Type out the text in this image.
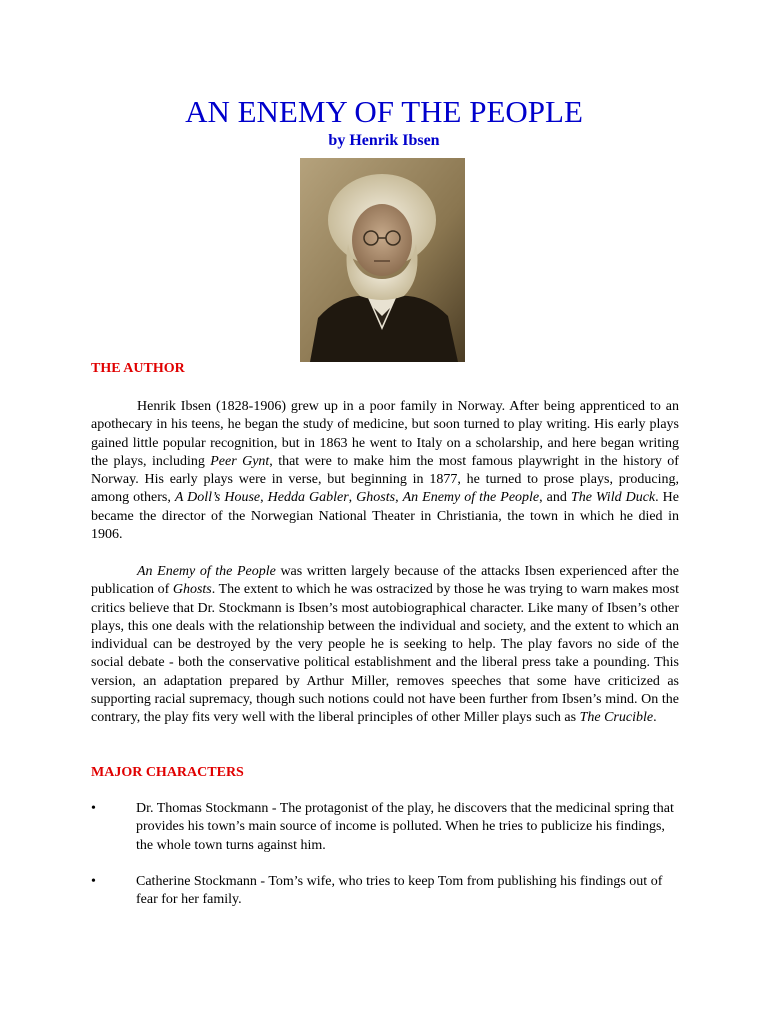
AN ENEMY OF THE PEOPLE
by Henrik Ibsen
THE AUTHOR

Henrik Ibsen (1828-1906) grew up in a poor family in Norway. After being apprenticed to an apothecary in his teens, he began the study of medicine, but soon turned to play writing. His early plays gained little popular recognition, but in 1863 he went to Italy on a scholarship, and here began writing the plays, including Peer Gynt, that were to make him the most famous playwright in the history of Norway. His early plays were in verse, but beginning in 1877, he turned to prose plays, producing, among others, A Doll’s House, Hedda Gabler, Ghosts, An Enemy of the People, and The Wild Duck. He became the director of the Norwegian National Theater in Christiania, the town in which he died in 1906.

An Enemy of the People was written largely because of the attacks Ibsen experienced after the publication of Ghosts. The extent to which he was ostracized by those he was trying to warn makes most critics believe that Dr. Stockmann is Ibsen’s most autobiographical character. Like many of Ibsen’s other plays, this one deals with the relationship between the individual and society, and the extent to which an individual can be destroyed by the very people he is seeking to help. The play favors no side of the social debate - both the conservative political establishment and the liberal press take a pounding. This version, an adaptation prepared by Arthur Miller, removes speeches that some have criticized as supporting racial supremacy, though such notions could not have been further from Ibsen’s mind. On the contrary, the play fits very well with the liberal principles of other Miller plays such as The Crucible.

MAJOR CHARACTERS
•	Dr. Thomas Stockmann - The protagonist of the play, he discovers that the medicinal spring that provides his town’s main source of income is polluted. When he tries to publicize his findings, the whole town turns against him.
•	Catherine Stockmann - Tom’s wife, who tries to keep Tom from publishing his findings out of fear for her family.
